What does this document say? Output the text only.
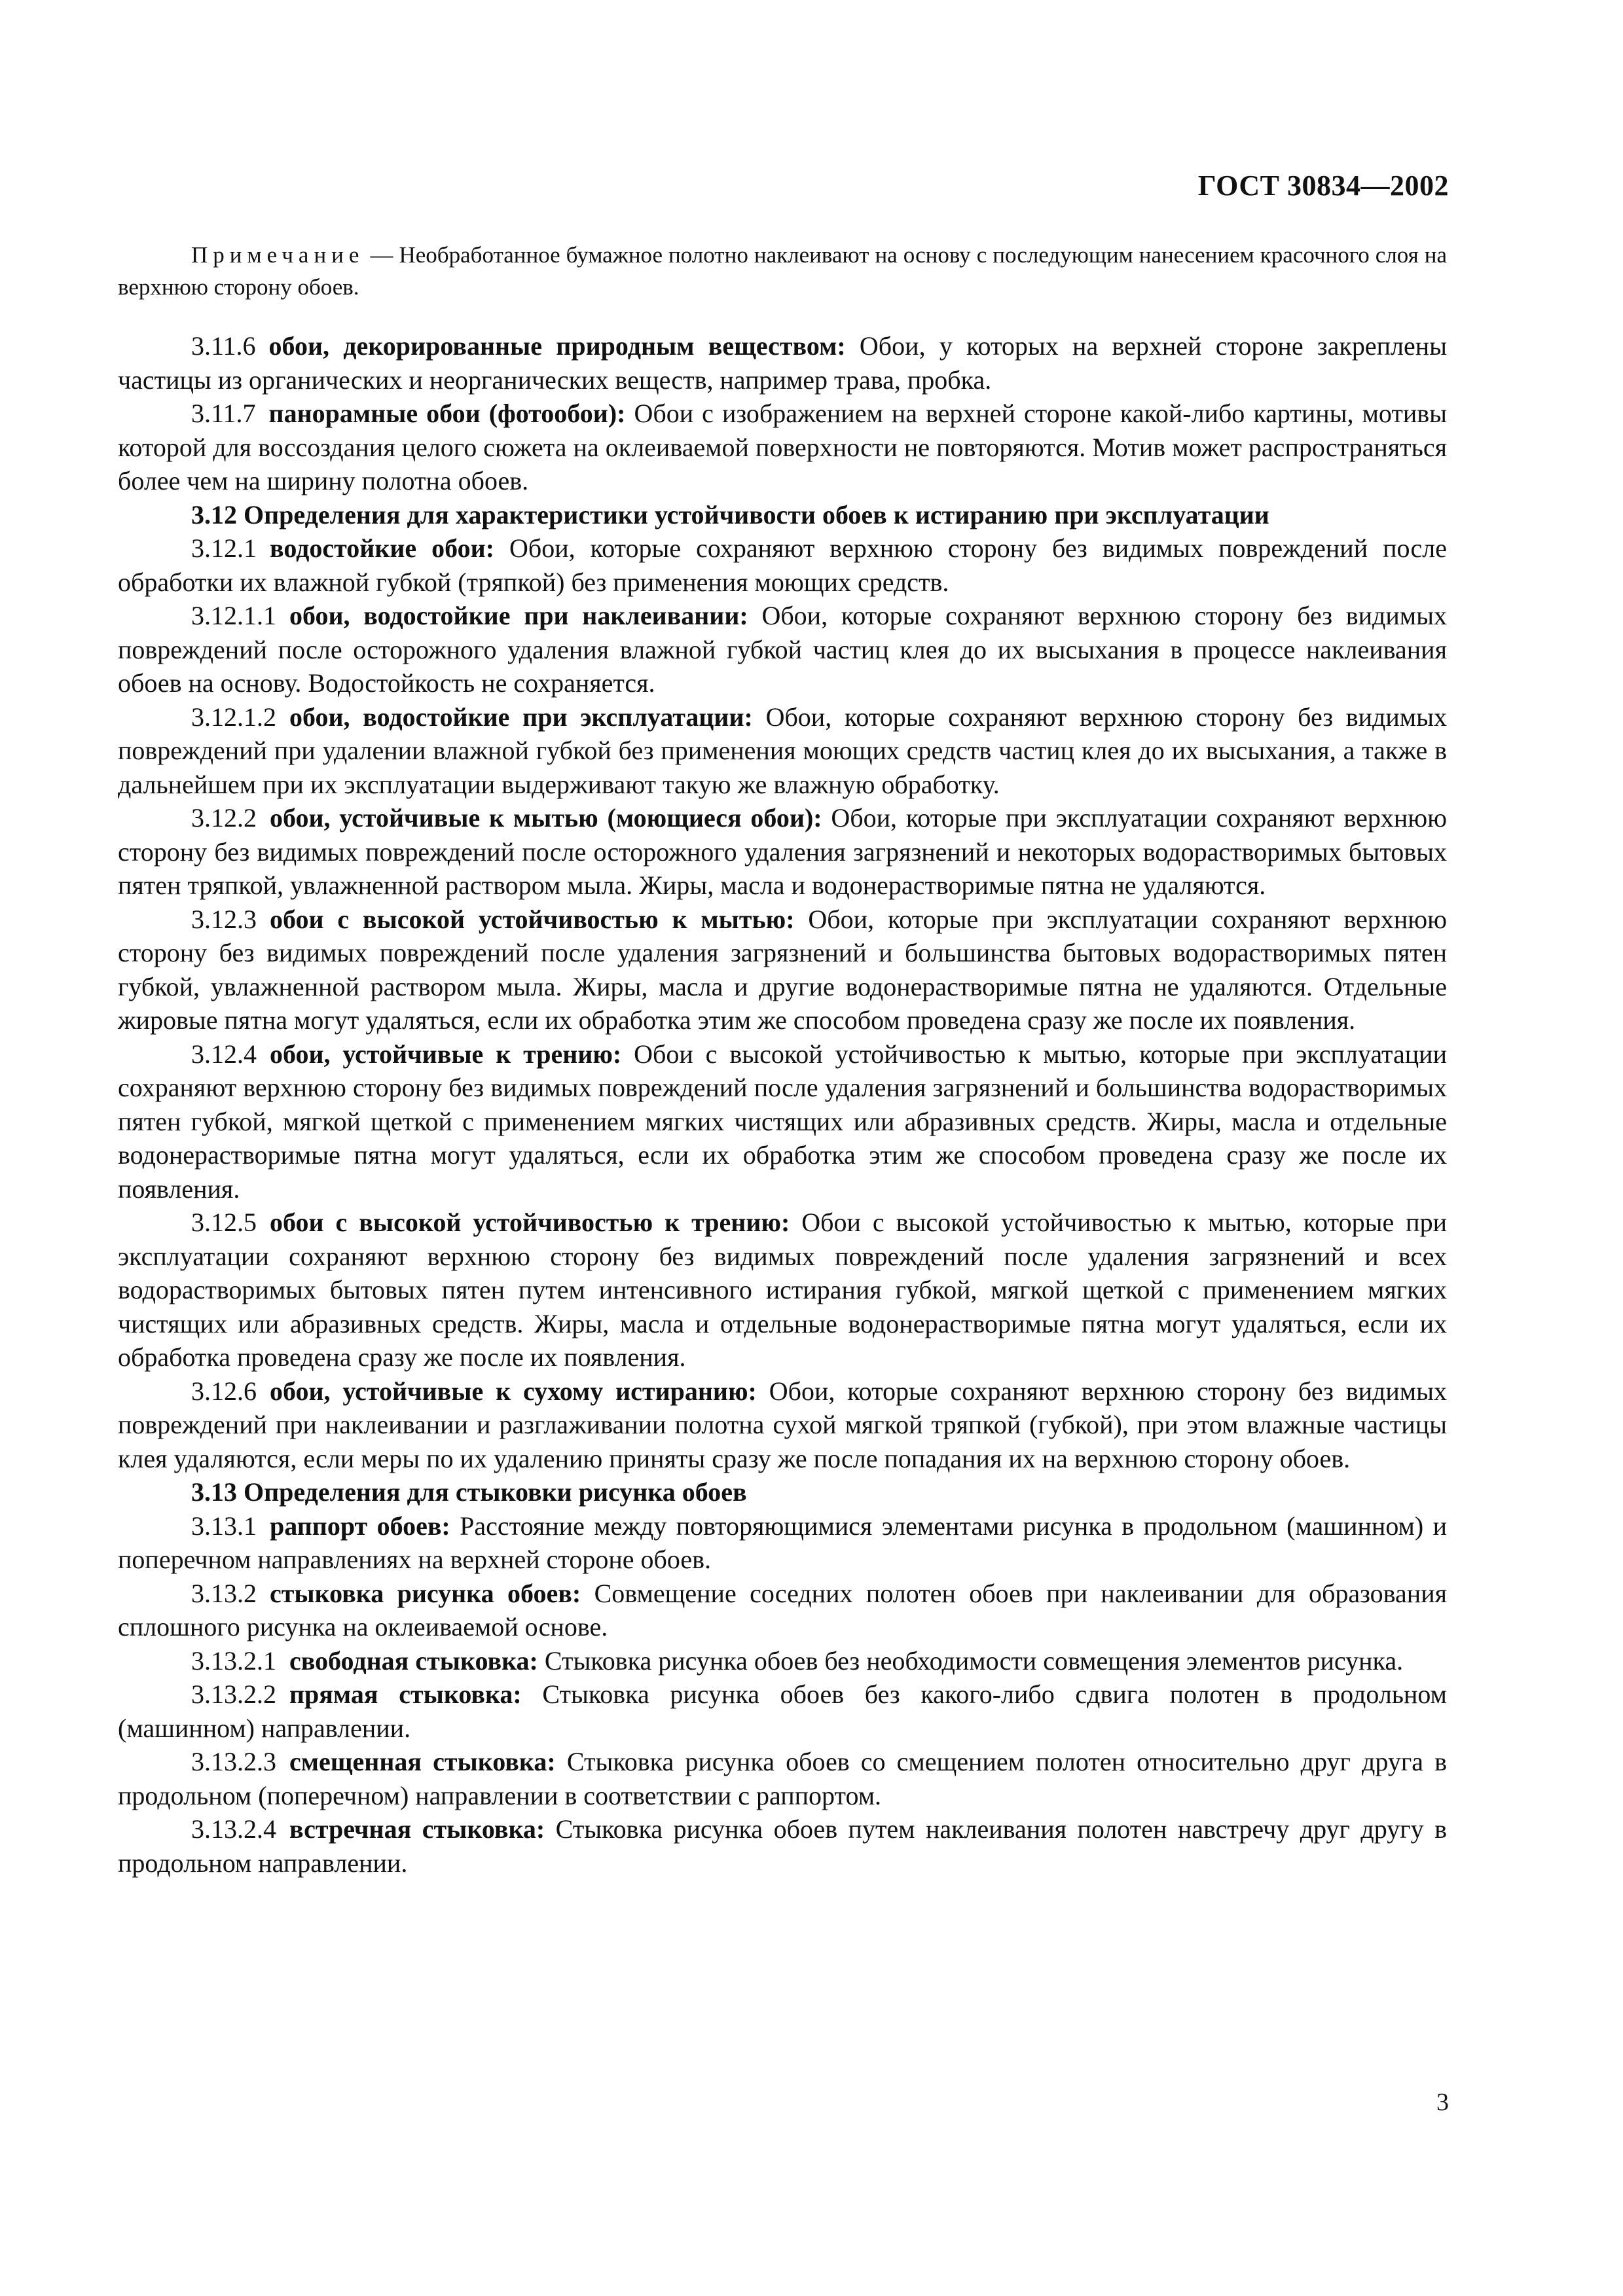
ГОСТ 30834—2002

Примечание — Необработанное бумажное полотно наклеивают на основу с последующим нанесением красочного слоя на верхнюю сторону обоев.

3.11.6  обои, декорированные природным веществом: Обои, у которых на верхней стороне закреплены частицы из органических и неорганических веществ, например трава, пробка.

3.11.7  панорамные обои (фотообои): Обои с изображением на верхней стороне какой-либо картины, мотивы которой для воссоздания целого сюжета на оклеиваемой поверхности не повторяются. Мотив может распространяться более чем на ширину полотна обоев.

3.12 Определения для характеристики устойчивости обоев к истиранию при эксплуатации

3.12.1  водостойкие обои: Обои, которые сохраняют верхнюю сторону без видимых повреждений после обработки их влажной губкой (тряпкой) без применения моющих средств.

3.12.1.1  обои, водостойкие при наклеивании: Обои, которые сохраняют верхнюю сторону без видимых повреждений после осторожного удаления влажной губкой частиц клея до их высыхания в процессе наклеивания обоев на основу. Водостойкость не сохраняется.

3.12.1.2  обои, водостойкие при эксплуатации: Обои, которые сохраняют верхнюю сторону без видимых повреждений при удалении влажной губкой без применения моющих средств частиц клея до их высыхания, а также в дальнейшем при их эксплуатации выдерживают такую же влажную обработку.

3.12.2  обои, устойчивые к мытью (моющиеся обои): Обои, которые при эксплуатации сохраняют верхнюю сторону без видимых повреждений после осторожного удаления загрязнений и некоторых водорастворимых бытовых пятен тряпкой, увлажненной раствором мыла. Жиры, масла и водонерастворимые пятна не удаляются.

3.12.3  обои с высокой устойчивостью к мытью: Обои, которые при эксплуатации сохраняют верхнюю сторону без видимых повреждений после удаления загрязнений и большинства бытовых водорастворимых пятен губкой, увлажненной раствором мыла. Жиры, масла и другие водонерастворимые пятна не удаляются. Отдельные жировые пятна могут удаляться, если их обработка этим же способом проведена сразу же после их появления.

3.12.4  обои, устойчивые к трению: Обои с высокой устойчивостью к мытью, которые при эксплуатации сохраняют верхнюю сторону без видимых повреждений после удаления загрязнений и большинства водорастворимых пятен губкой, мягкой щеткой с применением мягких чистящих или абразивных средств. Жиры, масла и отдельные водонерастворимые пятна могут удаляться, если их обработка этим же способом проведена сразу же после их появления.

3.12.5  обои с высокой устойчивостью к трению: Обои с высокой устойчивостью к мытью, которые при эксплуатации сохраняют верхнюю сторону без видимых повреждений после удаления загрязнений и всех водорастворимых бытовых пятен путем интенсивного истирания губкой, мягкой щеткой с применением мягких чистящих или абразивных средств. Жиры, масла и отдельные водонерастворимые пятна могут удаляться, если их обработка проведена сразу же после их появления.

3.12.6  обои, устойчивые к сухому истиранию: Обои, которые сохраняют верхнюю сторону без видимых повреждений при наклеивании и разглаживании полотна сухой мягкой тряпкой (губкой), при этом влажные частицы клея удаляются, если меры по их удалению приняты сразу же после попадания их на верхнюю сторону обоев.

3.13 Определения для стыковки рисунка обоев

3.13.1  раппорт обоев: Расстояние между повторяющимися элементами рисунка в продольном (машинном) и поперечном направлениях на верхней стороне обоев.

3.13.2  стыковка рисунка обоев: Совмещение соседних полотен обоев при наклеивании для образования сплошного рисунка на оклеиваемой основе.

3.13.2.1  свободная стыковка: Стыковка рисунка обоев без необходимости совмещения элементов рисунка.

3.13.2.2  прямая стыковка: Стыковка рисунка обоев без какого-либо сдвига полотен в продольном (машинном) направлении.

3.13.2.3  смещенная стыковка: Стыковка рисунка обоев со смещением полотен относительно друг друга в продольном (поперечном) направлении в соответствии с раппортом.

3.13.2.4  встречная стыковка: Стыковка рисунка обоев путем наклеивания полотен навстречу друг другу в продольном направлении.

3
